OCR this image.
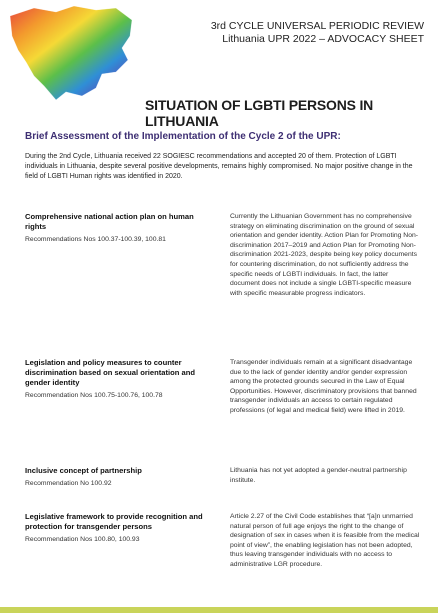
3rd CYCLE UNIVERSAL PERIODIC REVIEW
Lithuania UPR 2022 – ADVOCACY SHEET
SITUATION OF LGBTI PERSONS IN LITHUANIA
Brief Assessment of the Implementation of the Cycle 2 of the UPR:
During the 2nd Cycle, Lithuania received 22 SOGIESC recommendations and accepted 20 of them. Protection of LGBTI individuals in Lithuania, despite several positive developments, remains highly compromised. No major positive change in the field of LGBTI Human rights was identified in 2020.
Comprehensive national action plan on human rights
Recommendations Nos 100.37-100.39, 100.81
Currently the Lithuanian Government has no comprehensive strategy on eliminating discrimination on the ground of sexual orientation and gender identity. Action Plan for Promoting Non-discrimination 2017–2019 and Action Plan for Promoting Non-discrimination 2021-2023, despite being key policy documents for countering discrimination, do not sufficiently address the specific needs of LGBTI individuals. In fact, the latter document does not include a single LGBTI-specific measure with specific measurable progress indicators.
Legislation and policy measures to counter discrimination based on sexual orientation and gender identity
Recommendation Nos 100.75-100.76, 100.78
Transgender individuals remain at a significant disadvantage due to the lack of gender identity and/or gender expression among the protected grounds secured in the Law of Equal Opportunities. However, discriminatory provisions that banned transgender individuals an access to certain regulated professions (of legal and medical field) were lifted in 2019.
Inclusive concept of partnership
Recommendation No 100.92
Lithuania has not yet adopted a gender-neutral partnership institute.
Legislative framework to provide recognition and protection for transgender persons
Recommendation Nos 100.80, 100.93
Article 2.27 of the Civil Code establishes that “[a]n unmarried natural person of full age enjoys the right to the change of designation of sex in cases when it is feasible from the medical point of view”, the enabling legislation has not been adopted, thus leaving transgender individuals with no access to administrative LGR procedure.
